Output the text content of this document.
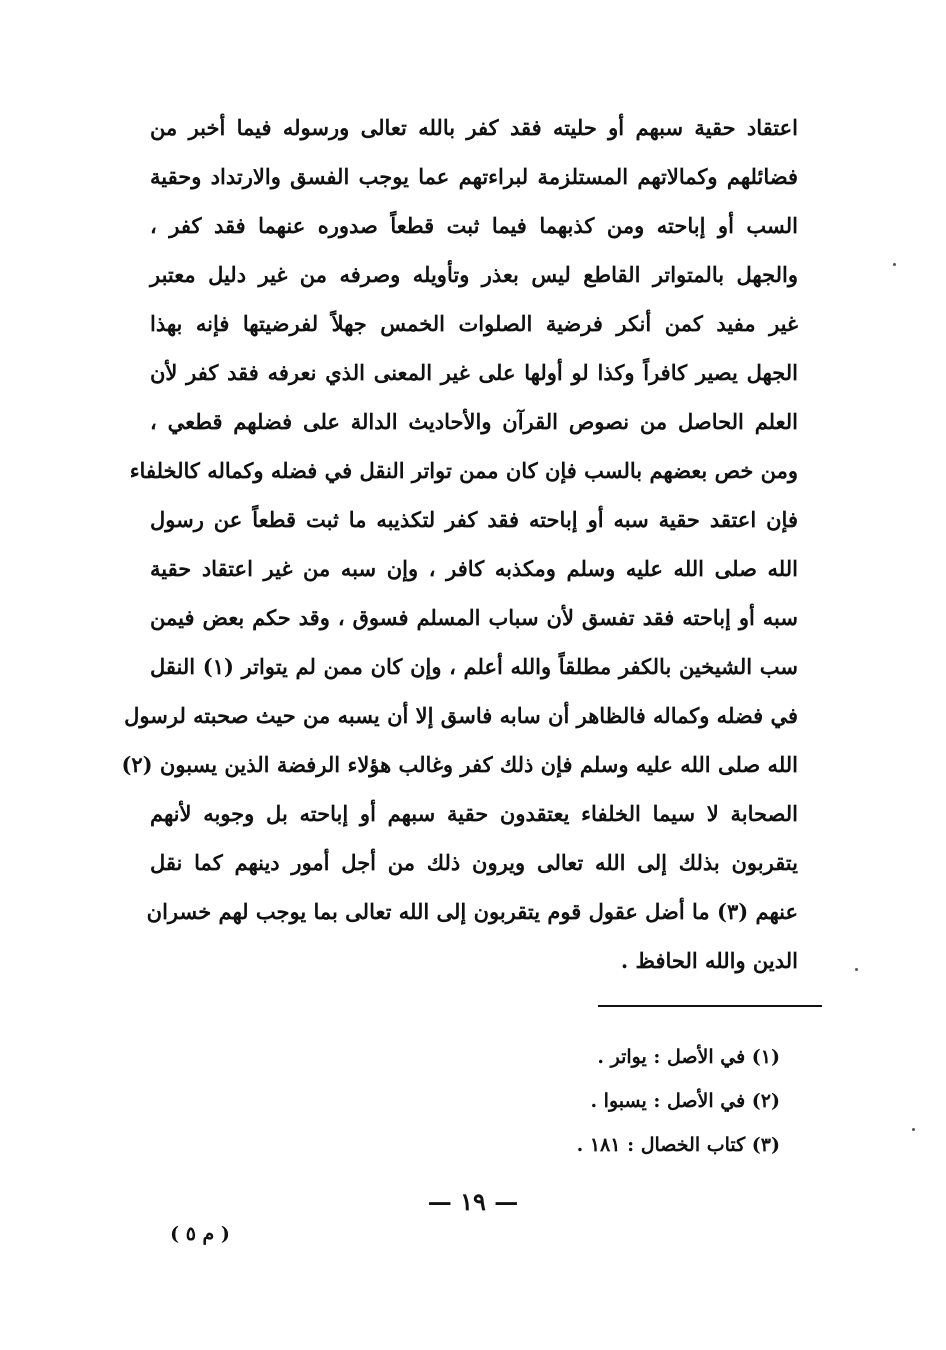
اعتقاد حقية سبهم أو حليته فقد كفر بالله تعالى ورسوله فيما أخبر من
فضائلهم وكمالاتهم المستلزمة لبراءتهم عما يوجب الفسق والارتداد وحقية
السب أو إباحته ومن كذبهما فيما ثبت قطعاً صدوره عنهما فقد كفر ،
والجهل بالمتواتر القاطع ليس بعذر وتأويله وصرفه من غير دليل معتبر
غير مفيد كمن أنكر فرضية الصلوات الخمس جهلاً لفرضيتها فإنه بهذا
الجهل يصير كافراً وكذا لو أولها على غير المعنى الذي نعرفه فقد كفر لأن
العلم الحاصل من نصوص القرآن والأحاديث الدالة على فضلهم قطعي ،
ومن خص بعضهم بالسب فإن كان ممن تواتر النقل في فضله وكماله كالخلفاء
فإن اعتقد حقية سبه أو إباحته فقد كفر لتكذيبه ما ثبت قطعاً عن رسول
الله صلى الله عليه وسلم ومكذبه كافر ، وإن سبه من غير اعتقاد حقية
سبه أو إباحته فقد تفسق لأن سباب المسلم فسوق ، وقد حكم بعض فيمن
سب الشيخين بالكفر مطلقاً والله أعلم ، وإن كان ممن لم يتواتر (١) النقل
في فضله وكماله فالظاهر أن سابه فاسق إلا أن يسبه من حيث صحبته لرسول
الله صلى الله عليه وسلم فإن ذلك كفر وغالب هؤلاء الرفضة الذين يسبون (٢)
الصحابة لا سيما الخلفاء يعتقدون حقية سبهم أو إباحته بل وجوبه لأنهم
يتقربون بذلك إلى الله تعالى ويرون ذلك من أجل أمور دينهم كما نقل
عنهم (٣) ما أضل عقول قوم يتقربون إلى الله تعالى بما يوجب لهم خسران
الدين والله الحافظ .
(١) في الأصل : يواتر .
(٢) في الأصل : يسبوا .
(٣) كتاب الخصال : ١٨١ .
— ١٩ —
( م ٥ )
